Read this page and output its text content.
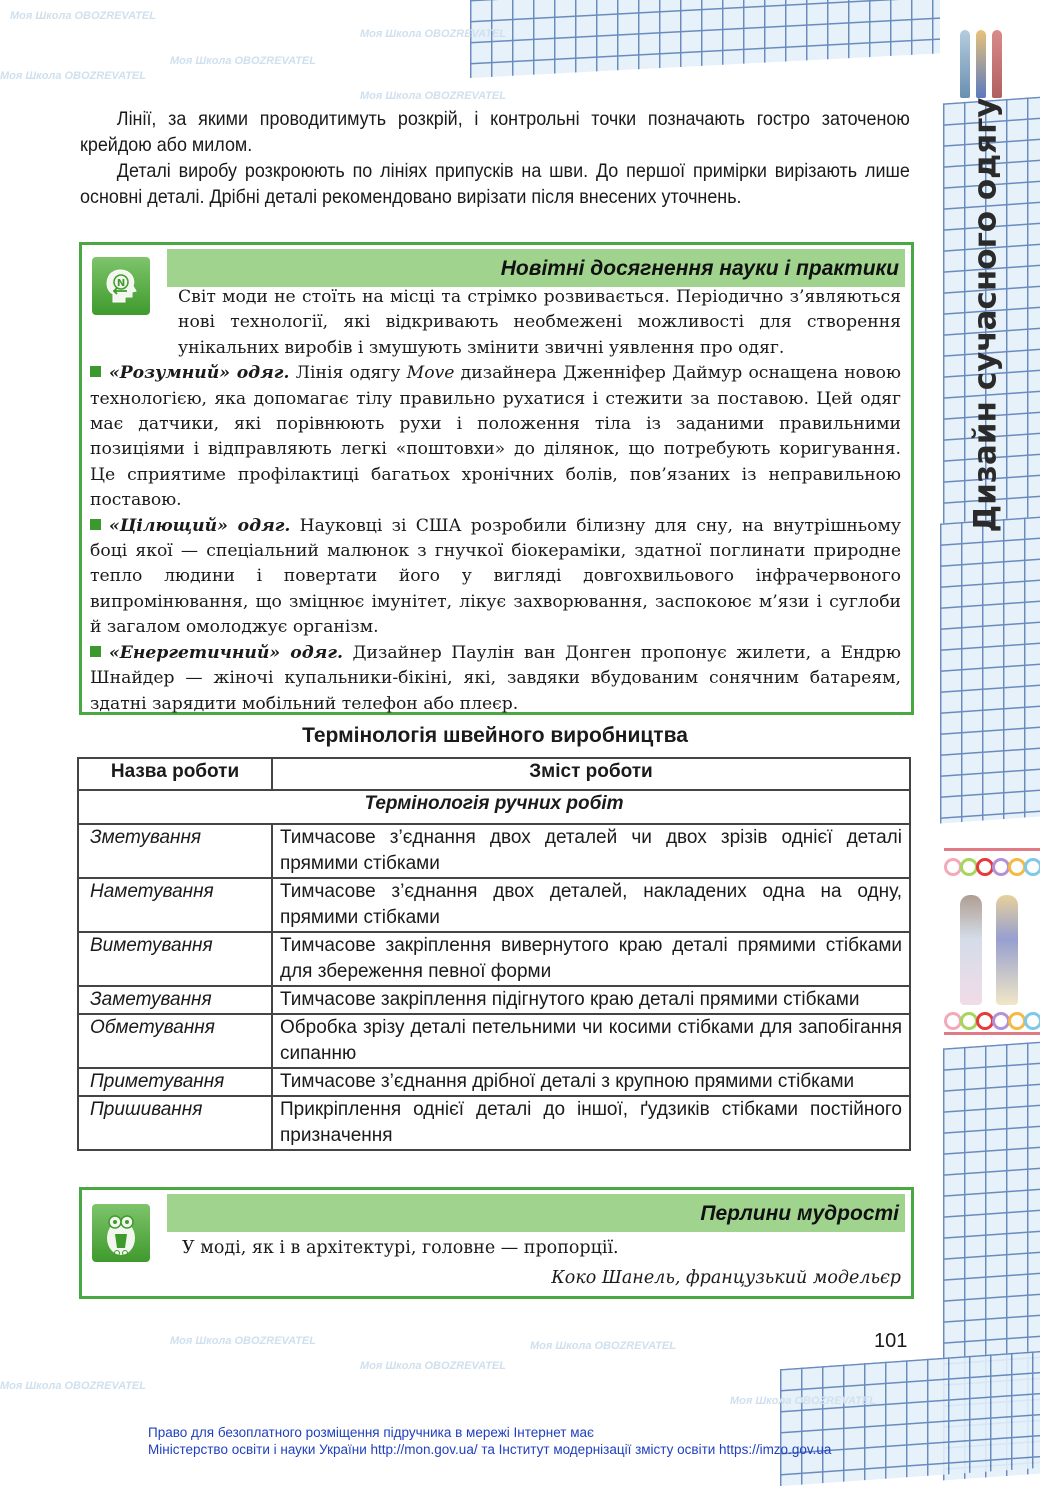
Моя Школа OBOZREVATEL
Моя Школа OBOZREVATEL
Моя Школа OBOZREVATEL
Моя Школа OBOZREVATEL
Моя Школа OBOZREVATEL
Моя Школа OBOZREVATEL
Моя Школа OBOZREVATEL
Моя Школа OBOZREVATEL
Моя Школа OBOZREVATEL
Моя Школа OBOZREVATEL
Дизайн сучасного одягу

Лінії, за якими проводитимуть розкрій, і контрольні точки позначають гостро заточеною крейдою або милом.

Деталі виробу розкроюють по лініях припусків на шви. До першої примірки вирізають лише основні деталі. Дрібні деталі рекомендовано вирізати після внесених уточнень.

Новітні досягнення науки і практики
N
Світ моди не стоїть на місці та стрімко розвивається. Періодично з’являються нові технології, які відкривають необмежені можливості для створення унікальних виробів і змушують змінити звичні уявлення про одяг.
«Розумний» одяг. Лінія одягу Move дизайнера Дженніфер Даймур оснащена новою технологією, яка допомагає тілу правильно рухатися і стежити за поставою. Цей одяг має датчики, які порівнюють рухи і положення тіла із заданими правильними позиціями і відправляють легкі «поштовхи» до ділянок, що потребують коригування. Це сприятиме профілактиці багатьох хронічних болів, пов’язаних із неправильною поставою.
«Цілющий» одяг. Науковці зі США розробили білизну для сну, на внутрішньому боці якої — спеціальний малюнок з гнучкої біокераміки, здатної поглинати природне тепло людини і повертати його у вигляді довгохвильового інфрачервоного випромінювання, що зміцнює імунітет, лікує захворювання, заспокоює м’язи і суглоби й загалом омолоджує організм.
«Енергетичний» одяг. Дизайнер Паулін ван Донген пропонує жилети, а Ендрю Шнайдер — жіночі купальники-бікіні, які, завдяки вбудованим сонячним батареям, здатні зарядити мобільний телефон або плеєр.
Термінологія швейного виробництва
Назва роботи	Зміст роботи
Термінологія ручних робіт	
Зметування	Тимчасове з’єднання двох деталей чи двох зрізів однієї деталі прямими стібками
Наметування	Тимчасове з’єднання двох деталей, накладених одна на одну, прямими стібками
Виметування	Тимчасове закріплення вивернутого краю деталі прямими стібками для збереження певної форми
Заметування	Тимчасове закріплення підігнутого краю деталі прямими стібками
Обметування	Обробка зрізу деталі петельними чи косими стібками для запобігання сипанню
Приметування	Тимчасове з’єднання дрібної деталі з крупною прямими стібками
Пришивання	Прикріплення однієї деталі до іншої, ґудзиків стібками постійного призначення
Перлини мудрості
У моді, як і в архітектурі, головне — пропорції.
Коко Шанель, французький модельєр
101
Право для безоплатного розміщення підручника в мережі Інтернет має
Міністерство освіти і науки України http://mon.gov.ua/ та Інститут модернізації змісту освіти https://imzo.gov.ua
